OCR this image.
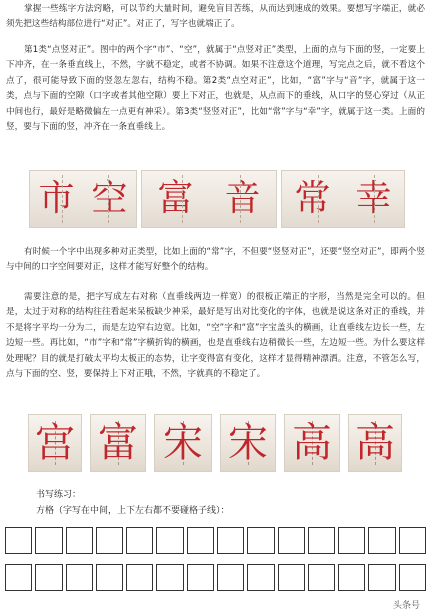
掌握一些练字方法窍略，可以节约大量时间，避免盲目苦练，从而达到速成的效果。要想写字端正，就必须先把这些结构部位进行“对正”。对正了，写字也就端正了。
第1类“点竖对正”。图中的两个字“市”、“空”，就属于“点竖对正”类型，上面的点与下面的竖，一定要上下冲齐，在一条垂直线上，不然，字就不稳定，或者不协调。如果不注意这个道理，写完点之后，就不看这个点了，很可能导致下面的竖忽左忽右，结构不稳。第2类“点空对正”，比如，“富”字与“音”字，就属于这一类，点与下面的空隙（口字或者其他空隙）要上下对正，也就是，从点而下的垂线，从口字的竖心穿过（从正中间也行，最好是略微偏左一点更有神采）。第3类“竖竖对正”，比如“常”字与“幸”字，就属于这一类。上面的竖，要与下面的竖，冲齐在一条直垂线上。
市 空 富 音 常 幸
有时候一个字中出现多种对正类型，比如上面的“常”字，不但要“竖竖对正”，还要“竖空对正”，即两个竖与中间的口字空间要对正，这样才能写好整个的结构。
需要注意的是，把字写成左右对称（直垂线两边一样宽）的很板正端正的字形，当然是完全可以的。但是，太过于对称的结构往往看起来呆板缺少神采，最好是写出对比变化的字体，也就是说这条对正的垂线，并不是将字平均一分为二，而是左边窄右边宽。比如，“空”字和“富”字宝盖头的横画，让直垂线左边长一些，左边短一些。再比如，“市”字和“常”字横折钩的横画，也是直垂线右边稍微长一些，左边短一些。为什么要这样处理呢？目的就是打破太平均太板正的态势，让字变得富有变化，这样才显得精神漂洒。注意，不管怎么写，点与下面的空、竖，要保持上下对正哦，不然，字就真的不稳定了。
宫 富 宋 宋 高 高
书写练习：
方格（字写在中间，上下左右都不要碰格子线）：
头条号
